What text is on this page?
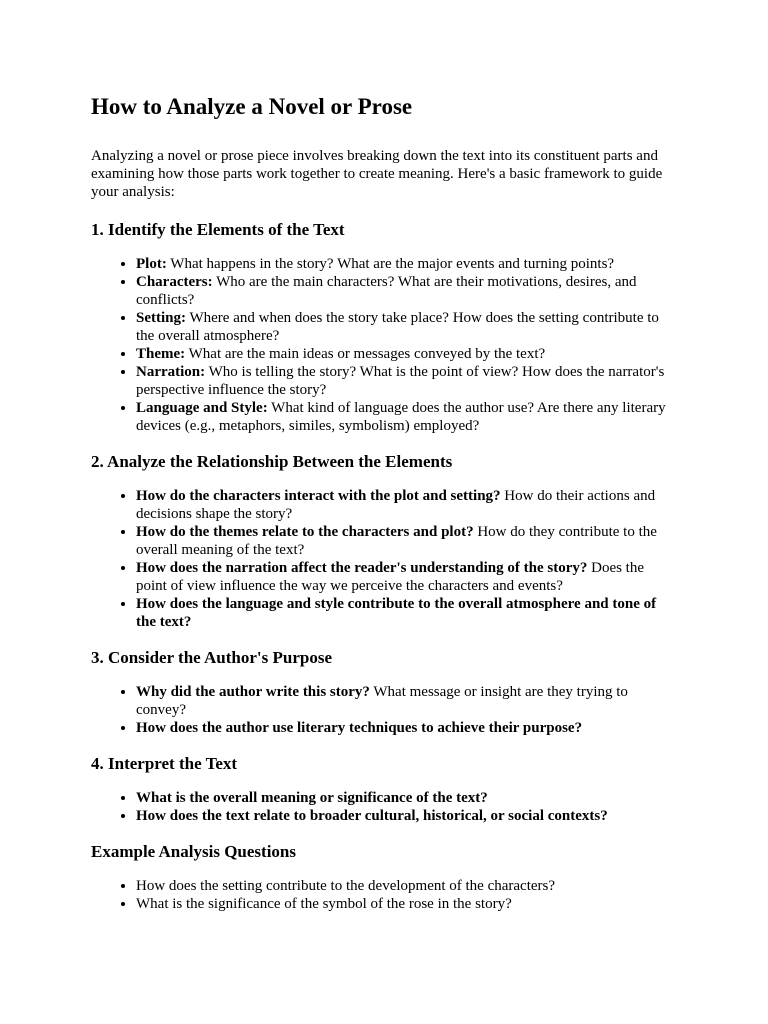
How to Analyze a Novel or Prose

Analyzing a novel or prose piece involves breaking down the text into its constituent parts and examining how those parts work together to create meaning. Here's a basic framework to guide your analysis:

1. Identify the Elements of the Text
• Plot: What happens in the story? What are the major events and turning points?
• Characters: Who are the main characters? What are their motivations, desires, and conflicts?
• Setting: Where and when does the story take place? How does the setting contribute to the overall atmosphere?
• Theme: What are the main ideas or messages conveyed by the text?
• Narration: Who is telling the story? What is the point of view? How does the narrator's perspective influence the story?
• Language and Style: What kind of language does the author use? Are there any literary devices (e.g., metaphors, similes, symbolism) employed?
2. Analyze the Relationship Between the Elements
• How do the characters interact with the plot and setting? How do their actions and decisions shape the story?
• How do the themes relate to the characters and plot? How do they contribute to the overall meaning of the text?
• How does the narration affect the reader's understanding of the story? Does the point of view influence the way we perceive the characters and events?
• How does the language and style contribute to the overall atmosphere and tone of the text?
3. Consider the Author's Purpose
• Why did the author write this story? What message or insight are they trying to convey?
• How does the author use literary techniques to achieve their purpose?
4. Interpret the Text
• What is the overall meaning or significance of the text?
• How does the text relate to broader cultural, historical, or social contexts?
Example Analysis Questions
• How does the setting contribute to the development of the characters?
• What is the significance of the symbol of the rose in the story?
